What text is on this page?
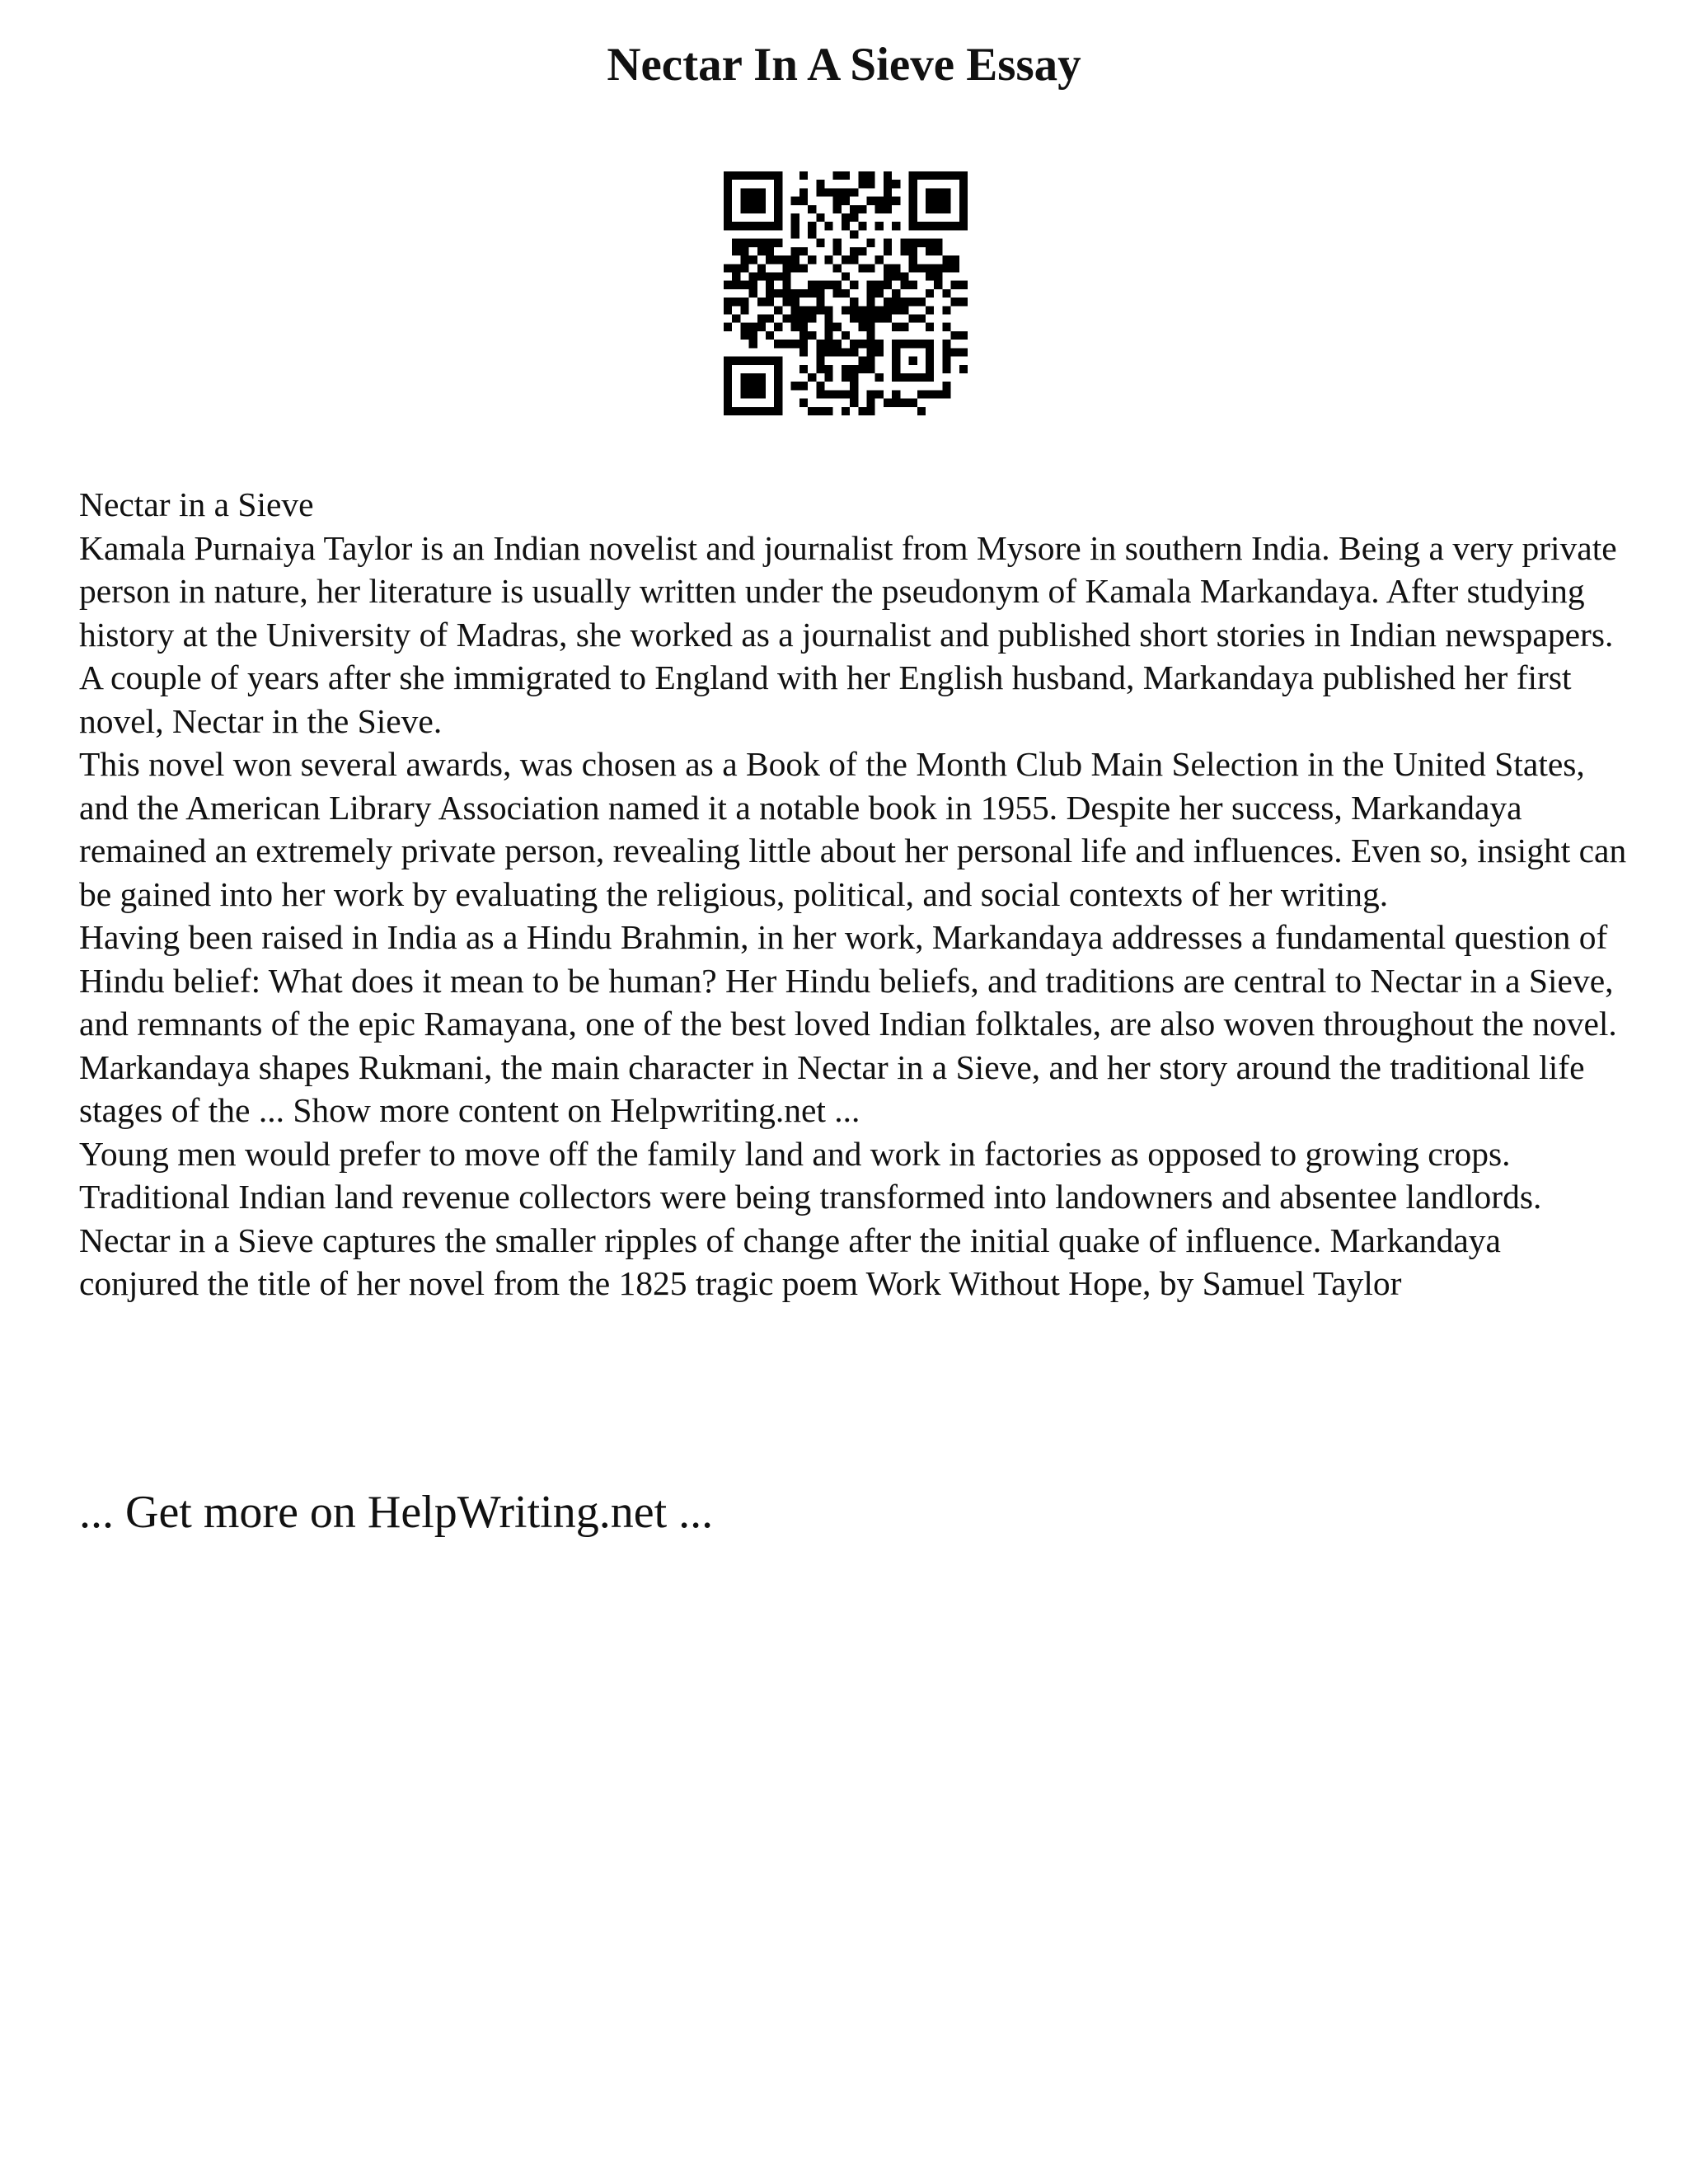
Nectar In A Sieve Essay

Nectar in a Sieve

Kamala Purnaiya Taylor is an Indian novelist and journalist from Mysore in southern India. Being a very private person in nature, her literature is usually written under the pseudonym of Kamala Markandaya. After studying history at the University of Madras, she worked as a journalist and published short stories in Indian newspapers. A couple of years after she immigrated to England with her English husband, Markandaya published her first novel, Nectar in the Sieve.

This novel won several awards, was chosen as a Book of the Month Club Main Selection in the United States, and the American Library Association named it a notable book in 1955. Despite her success, Markandaya remained an extremely private person, revealing little about her personal life and influences. Even so, insight can be gained into her work by evaluating the religious, political, and social contexts of her writing.

Having been raised in India as a Hindu Brahmin, in her work, Markandaya addresses a fundamental question of Hindu belief: What does it mean to be human? Her Hindu beliefs, and traditions are central to Nectar in a Sieve, and remnants of the epic Ramayana, one of the best loved Indian folktales, are also woven throughout the novel. Markandaya shapes Rukmani, the main character in Nectar in a Sieve, and her story around the traditional life stages of the ... Show more content on Helpwriting.net ...

Young men would prefer to move off the family land and work in factories as opposed to growing crops. Traditional Indian land revenue collectors were being transformed into landowners and absentee landlords. Nectar in a Sieve captures the smaller ripples of change after the initial quake of influence. Markandaya conjured the title of her novel from the 1825 tragic poem Work Without Hope, by Samuel Taylor

... Get more on HelpWriting.net ...
